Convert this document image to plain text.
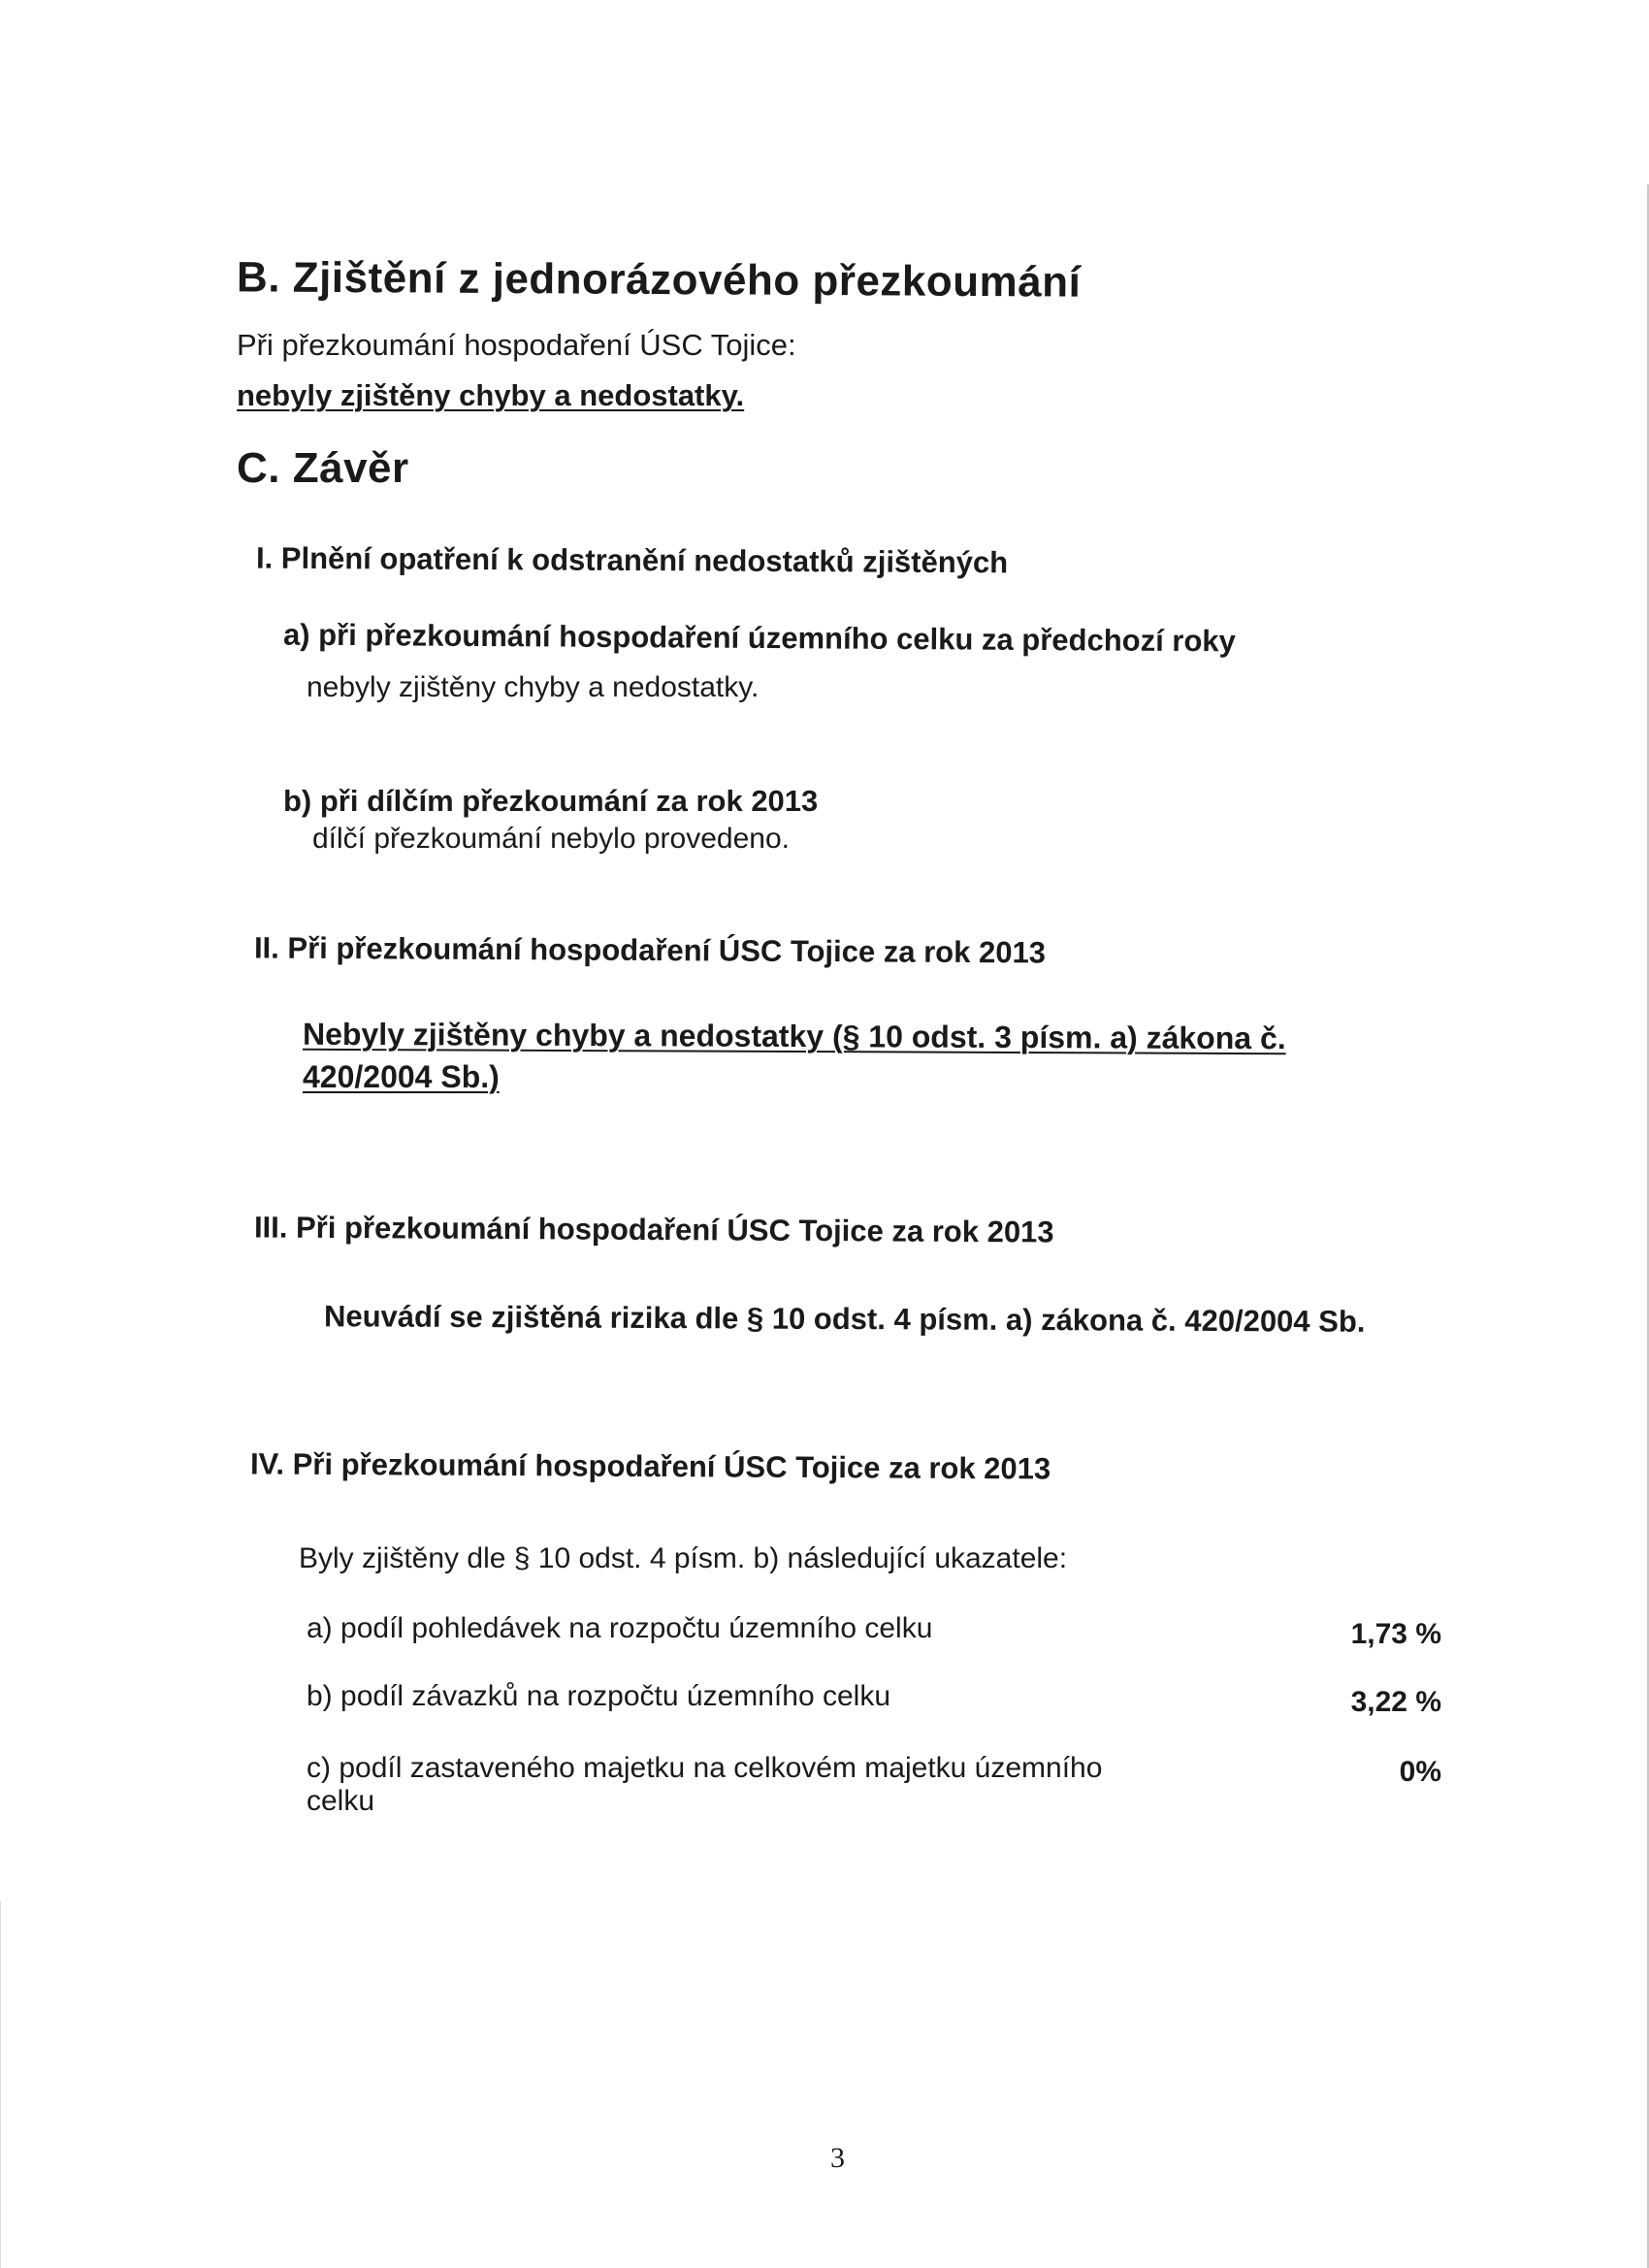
B. Zjištění z jednorázového přezkoumání
Při přezkoumání hospodaření ÚSC Tojice:
nebyly zjištěny chyby a nedostatky.
C. Závěr
I. Plnění opatření k odstranění nedostatků zjištěných
a) při přezkoumání hospodaření územního celku za předchozí roky
nebyly zjištěny chyby a nedostatky.
b) při dílčím přezkoumání za rok 2013
dílčí přezkoumání nebylo provedeno.
II. Při přezkoumání hospodaření ÚSC Tojice za rok 2013
Nebyly zjištěny chyby a nedostatky (§ 10 odst. 3 písm. a) zákona č.
420/2004 Sb.)
III. Při přezkoumání hospodaření ÚSC Tojice za rok 2013
Neuvádí se zjištěná rizika dle § 10 odst. 4 písm. a) zákona č. 420/2004 Sb.
IV. Při přezkoumání hospodaření ÚSC Tojice za rok 2013
Byly zjištěny dle § 10 odst. 4 písm. b) následující ukazatele:
a) podíl pohledávek na rozpočtu územního celku	1,73 %
b) podíl závazků na rozpočtu územního celku	3,22 %
c) podíl zastaveného majetku na celkovém majetku územního
celku
0%
3
